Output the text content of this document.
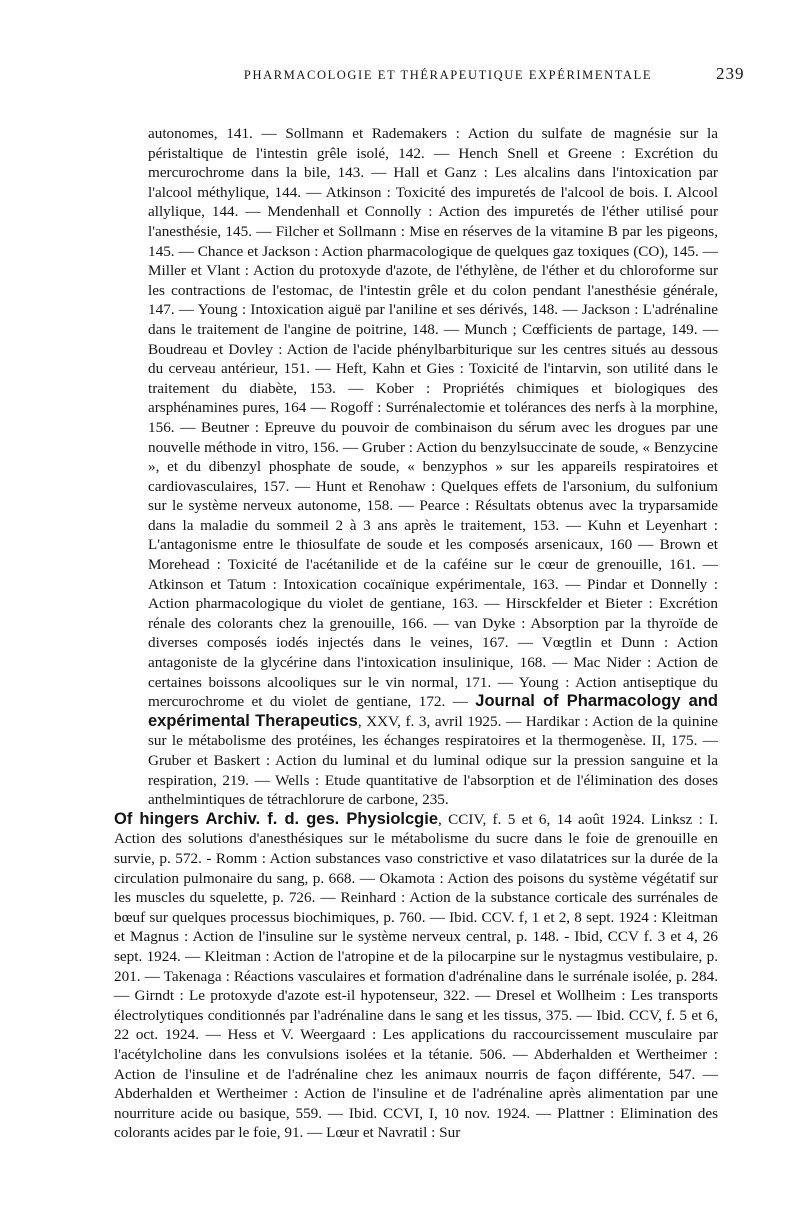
PHARMACOLOGIE ET THÉRAPEUTIQUE EXPÉRIMENTALE	239

autonomes, 141. — Sollmann et Rademakers : Action du sulfate de magnésie sur la péristaltique de l'intestin grêle isolé, 142. — Hench Snell et Greene : Excrétion du mercurochrome dans la bile, 143. — Hall et Ganz : Les alcalins dans l'intoxication par l'alcool méthylique, 144. — Atkinson : Toxicité des impuretés de l'alcool de bois. I. Alcool allylique, 144. — Mendenhall et Connolly : Action des impuretés de l'éther utilisé pour l'anesthésie, 145. — Filcher et Sollmann : Mise en réserves de la vitamine B par les pigeons, 145. — Chance et Jackson : Action pharmacologique de quelques gaz toxiques (CO), 145. — Miller et Vlant : Action du protoxyde d'azote, de l'éthylène, de l'éther et du chloroforme sur les contractions de l'estomac, de l'intestin grêle et du colon pendant l'anesthésie générale, 147. — Young : Intoxication aiguë par l'aniline et ses dérivés, 148. — Jackson : L'adrénaline dans le traitement de l'angine de poitrine, 148. — Munch ; Cœfficients de partage, 149. — Boudreau et Dovley : Action de l'acide phénylbarbiturique sur les centres situés au dessous du cerveau antérieur, 151. — Heft, Kahn et Gies : Toxicité de l'intarvin, son utilité dans le traitement du diabète, 153. — Kober : Propriétés chimiques et biologiques des arsphénamines pures, 164 — Rogoff : Surrénalectomie et tolérances des nerfs à la morphine, 156. — Beutner : Epreuve du pouvoir de combinaison du sérum avec les drogues par une nouvelle méthode in vitro, 156. — Gruber : Action du benzylsuccinate de soude, « Benzycine », et du dibenzyl phosphate de soude, « benzyphos » sur les appareils respiratoires et cardiovasculaires, 157. — Hunt et Renohaw : Quelques effets de l'arsonium, du sulfonium sur le système nerveux autonome, 158. — Pearce : Résultats obtenus avec la tryparsamide dans la maladie du sommeil 2 à 3 ans après le traitement, 153. — Kuhn et Leyenhart : L'antagonisme entre le thiosulfate de soude et les composés arsenicaux, 160 — Brown et Morehead : Toxicité de l'acétanilide et de la caféine sur le cœur de grenouille, 161. — Atkinson et Tatum : Intoxication cocaïnique expérimentale, 163. — Pindar et Donnelly : Action pharmacologique du violet de gentiane, 163. — Hirsckfelder et Bieter : Excrétion rénale des colorants chez la grenouille, 166. — van Dyke : Absorption par la thyroïde de diverses composés iodés injectés dans le veines, 167. — Vœgtlin et Dunn : Action antagoniste de la glycérine dans l'intoxication insulinique, 168. — Mac Nider : Action de certaines boissons alcooliques sur le vin normal, 171. — Young : Action antiseptique du mercurochrome et du violet de gentiane, 172. — Journal of Pharmacology and expérimental Therapeutics, XXV, f. 3, avril 1925. — Hardikar : Action de la quinine sur le métabolisme des protéines, les échanges respiratoires et la thermogenèse. II, 175. — Gruber et Baskert : Action du luminal et du luminal odique sur la pression sanguine et la respiration, 219. — Wells : Etude quantitative de l'absorption et de l'élimination des doses anthelmintiques de tétrachlorure de carbone, 235.

Of hingers Archiv. f. d. ges. Physiolcgie, CCIV, f. 5 et 6, 14 août 1924. Linksz : I. Action des solutions d'anesthésiques sur le métabolisme du sucre dans le foie de grenouille en survie, p. 572. - Romm : Action substances vaso constrictive et vaso dilatatrices sur la durée de la circulation pulmonaire du sang, p. 668. — Okamota : Action des poisons du système végétatif sur les muscles du squelette, p. 726. — Reinhard : Action de la substance corticale des surrénales de bœuf sur quelques processus biochimiques, p. 760. — Ibid. CCV. f, 1 et 2, 8 sept. 1924 : Kleitman et Magnus : Action de l'insuline sur le système nerveux central, p. 148. - Ibid, CCV f. 3 et 4, 26 sept. 1924. — Kleitman : Action de l'atropine et de la pilocarpine sur le nystagmus vestibulaire, p. 201. — Takenaga : Réactions vasculaires et formation d'adrénaline dans le surrénale isolée, p. 284. — Girndt : Le protoxyde d'azote est-il hypotenseur, 322. — Dresel et Wollheim : Les transports électrolytiques conditionnés par l'adrénaline dans le sang et les tissus, 375. — Ibid. CCV, f. 5 et 6, 22 oct. 1924. — Hess et V. Weergaard : Les applications du raccourcissement musculaire par l'acétylcholine dans les convulsions isolées et la tétanie. 506. — Abderhalden et Wertheimer : Action de l'insuline et de l'adrénaline chez les animaux nourris de façon différente, 547. — Abderhalden et Wertheimer : Action de l'insuline et de l'adrénaline après alimentation par une nourriture acide ou basique, 559. — Ibid. CCVI, I, 10 nov. 1924. — Plattner : Elimination des colorants acides par le foie, 91. — Lœur et Navratil : Sur
